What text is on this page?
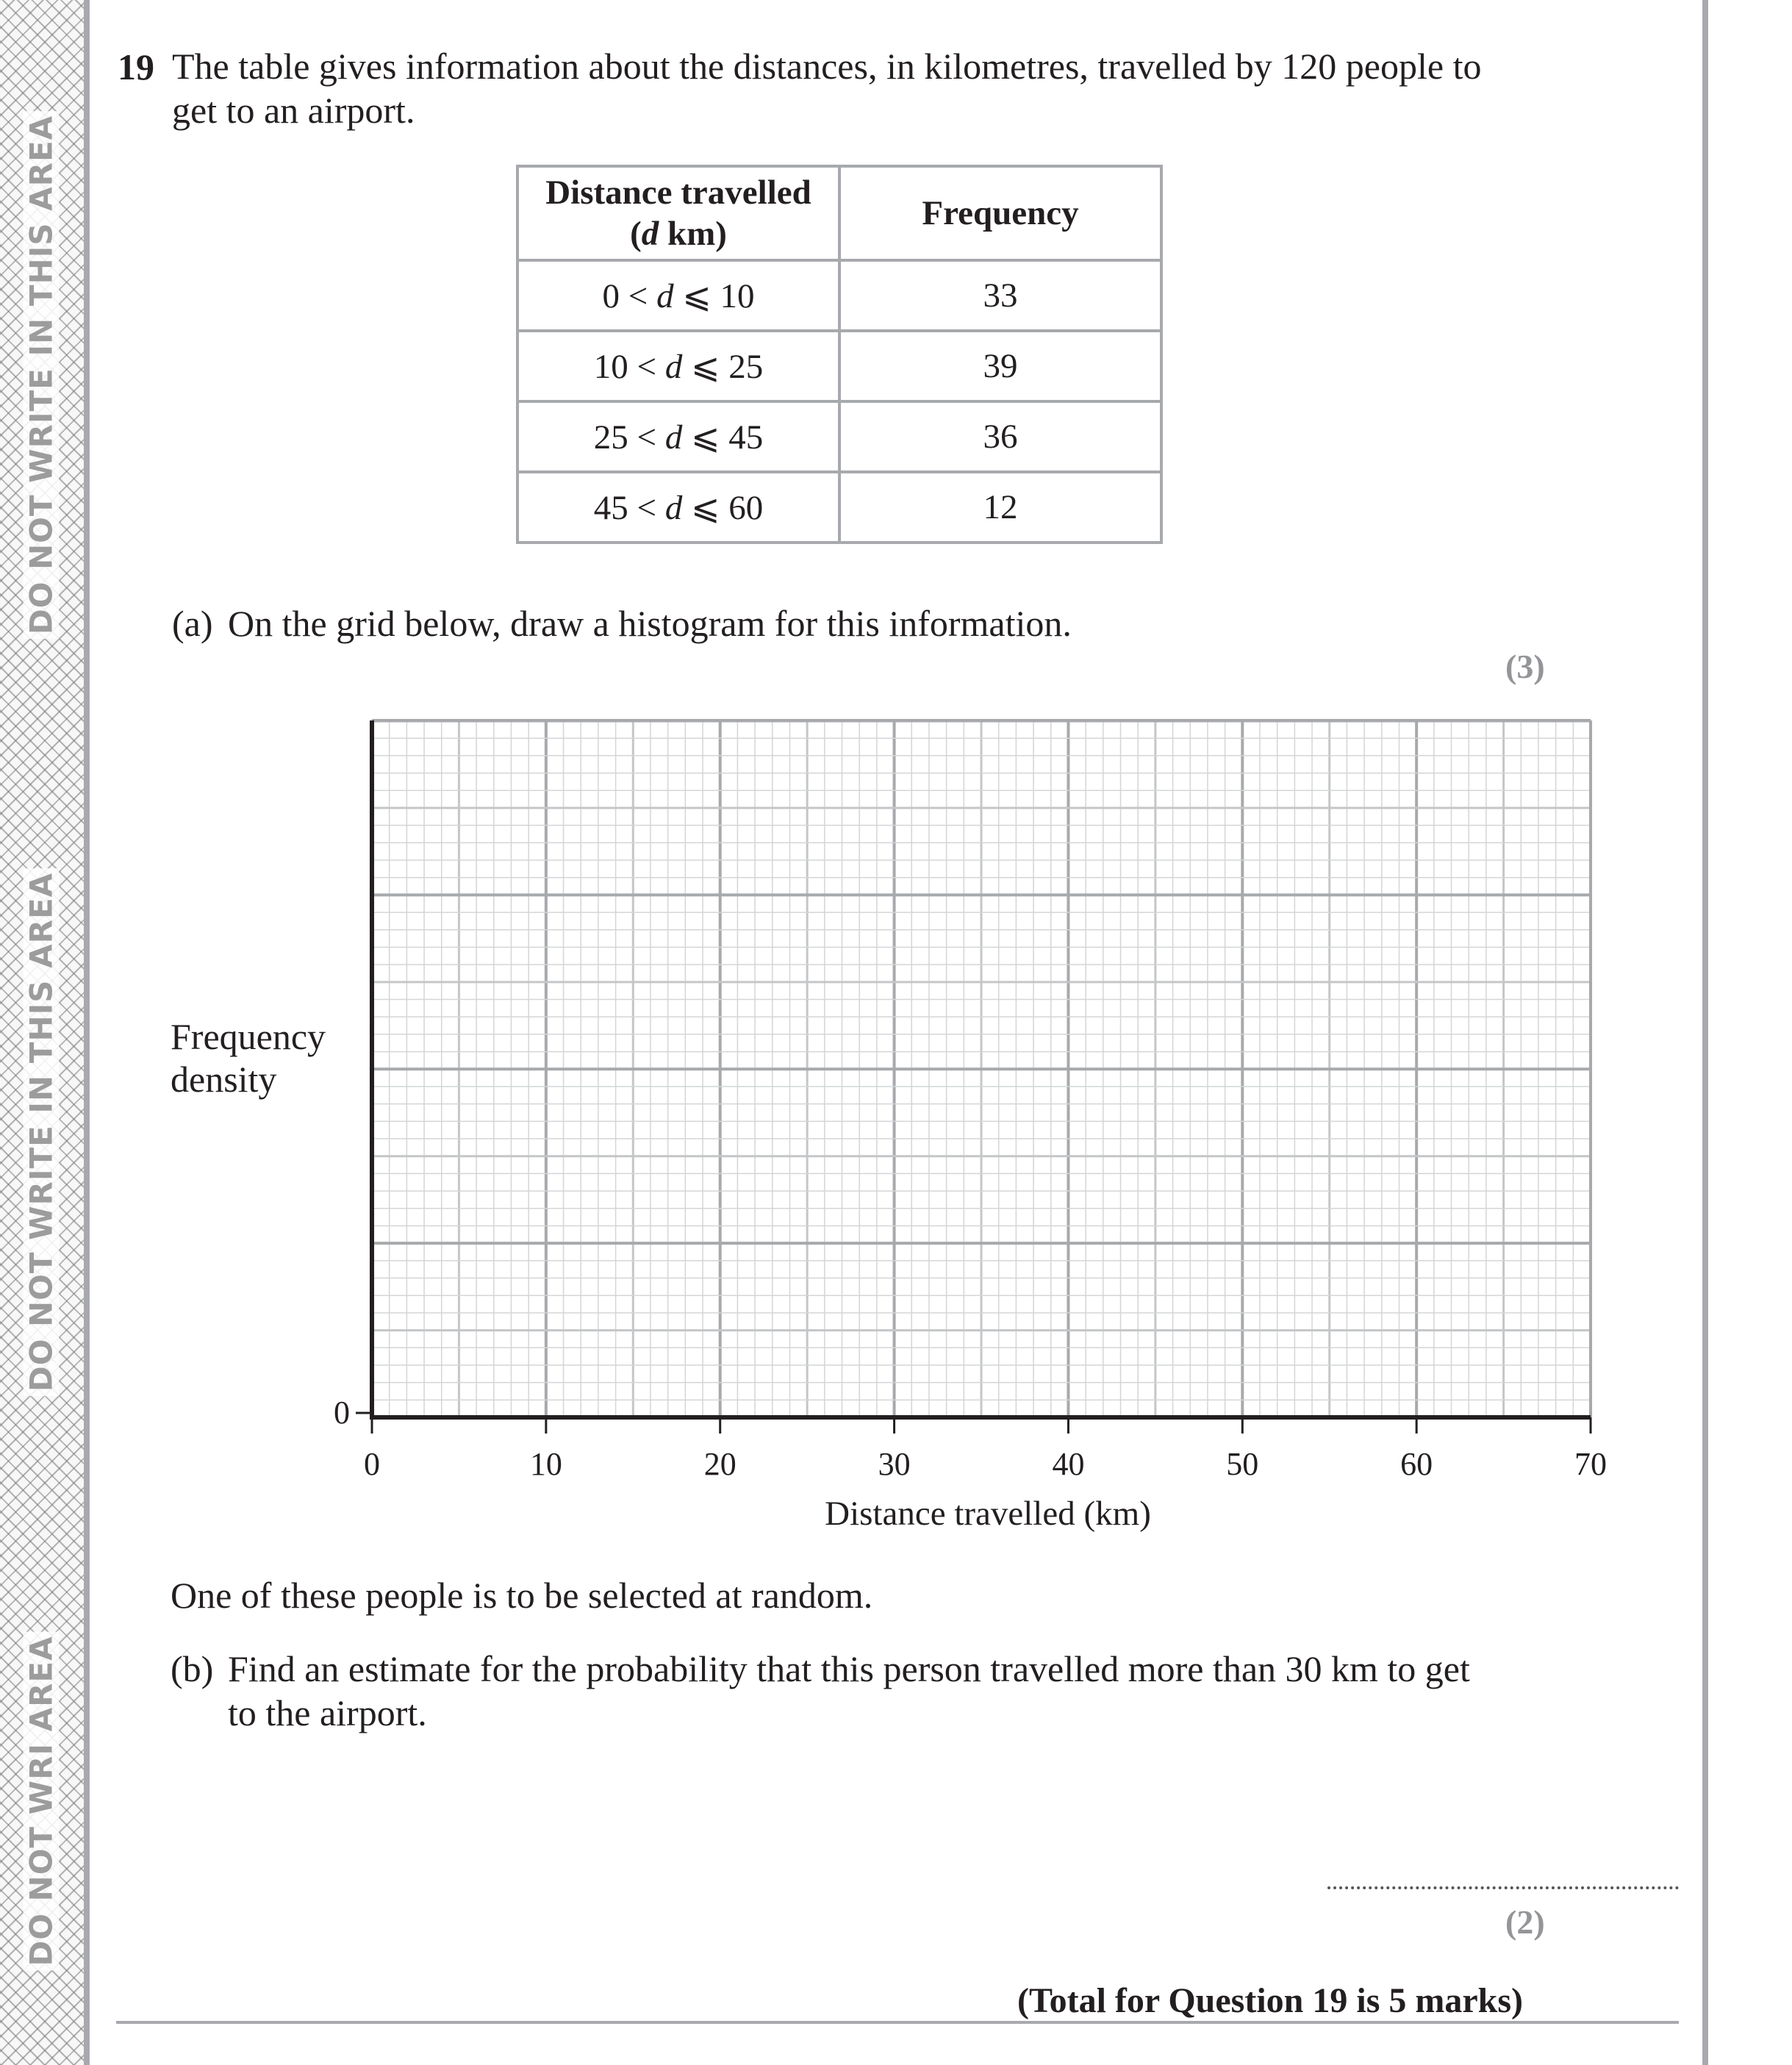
DO NOT WRITE IN THIS AREA
DO NOT WRITE IN THIS AREA
DO NOT WRI AREA
19 The table gives information about the distances, in kilometres, travelled by 120 people to
get to an airport.
Distance travelled
(d km)	Frequency
0 < d ⩽ 10	33
10 < d ⩽ 25	39
25 < d ⩽ 45	36
45 < d ⩽ 60	12
(a) On the grid below, draw a histogram for this information.
(3)
Frequency
density
0
0	10	20	30	40	50	60	70
Distance travelled (km)
One of these people is to be selected at random.
(b) Find an estimate for the probability that this person travelled more than 30 km to get
to the airport.
(2)
(Total for Question 19 is 5 marks)
